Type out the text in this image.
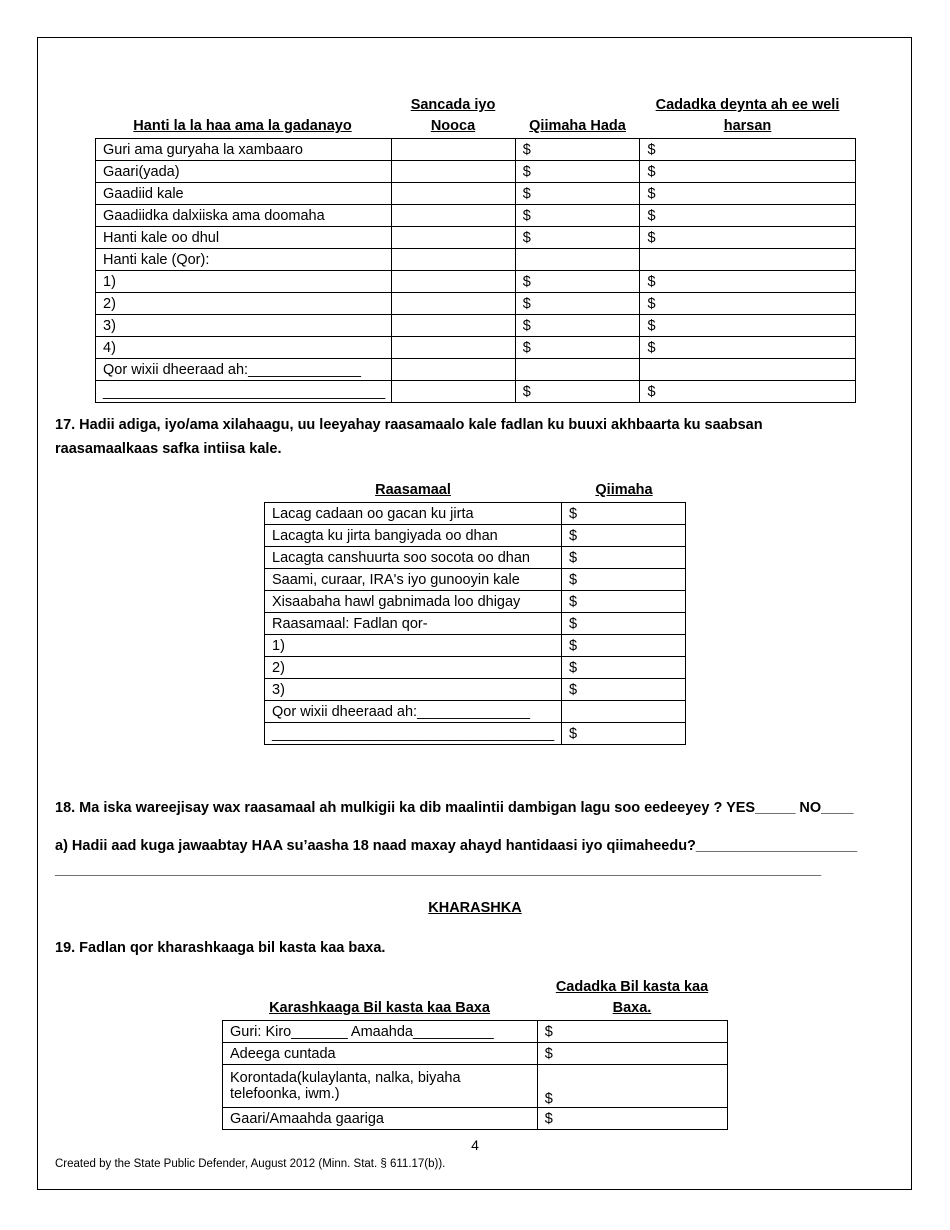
Hanti la la haa ama la gadanayo
Sancada iyo
Nooca	Qiimaha Hada
Cadadka deynta ah ee weli
harsan
Guri ama guryaha la xambaaro		$	$
Gaari(yada)		$	$
Gaadiid kale		$	$
Gaadiidka dalxiiska ama doomaha		$	$
Hanti kale oo dhul		$	$
Hanti kale (Qor):			
1)		$	$
2)		$	$
3)		$	$
4)		$	$
Qor wixii dheeraad ah:______________			
___________________________________		$	$
17. Hadii adiga, iyo/ama xilahaagu, uu leeyahay raasamaalo kale fadlan ku buuxi akhbaarta ku saabsan
raasamaalkaas safka intiisa kale.
Raasamaal	Qiimaha
Lacag cadaan oo gacan ku jirta	$
Lacagta ku jirta bangiyada oo dhan	$
Lacagta canshuurta soo socota oo dhan	$
Saami, curaar, IRA's iyo gunooyin kale	$
Xisaabaha hawl gabnimada loo dhigay	$
Raasamaal: Fadlan qor-	$
1)	$
2)	$
3)	$
Qor wixii dheeraad ah:______________	
___________________________________	$
18. Ma iska wareejisay wax raasamaal ah mulkigii ka dib maalintii dambigan lagu soo eedeeyey ? YES_____ NO____
a) Hadii aad kuga jawaabtay HAA su’aasha 18 naad maxay ahayd hantidaasi iyo qiimaheedu?____________________
_______________________________________________________________________________________________
KHARASHKA
19. Fadlan qor kharashkaaga bil kasta kaa baxa.
Karashkaaga Bil kasta kaa Baxa
Cadadka Bil kasta kaa
Baxa.
Guri: Kiro_______ Amaahda__________	$
Adeega cuntada	$

Korontada(kulaylanta, nalka, biyaha
telefoonka, iwm.)	$
Gaari/Amaahda gaariga	$
4
Created by the State Public Defender, August 2012 (Minn. Stat. § 611.17(b)).
